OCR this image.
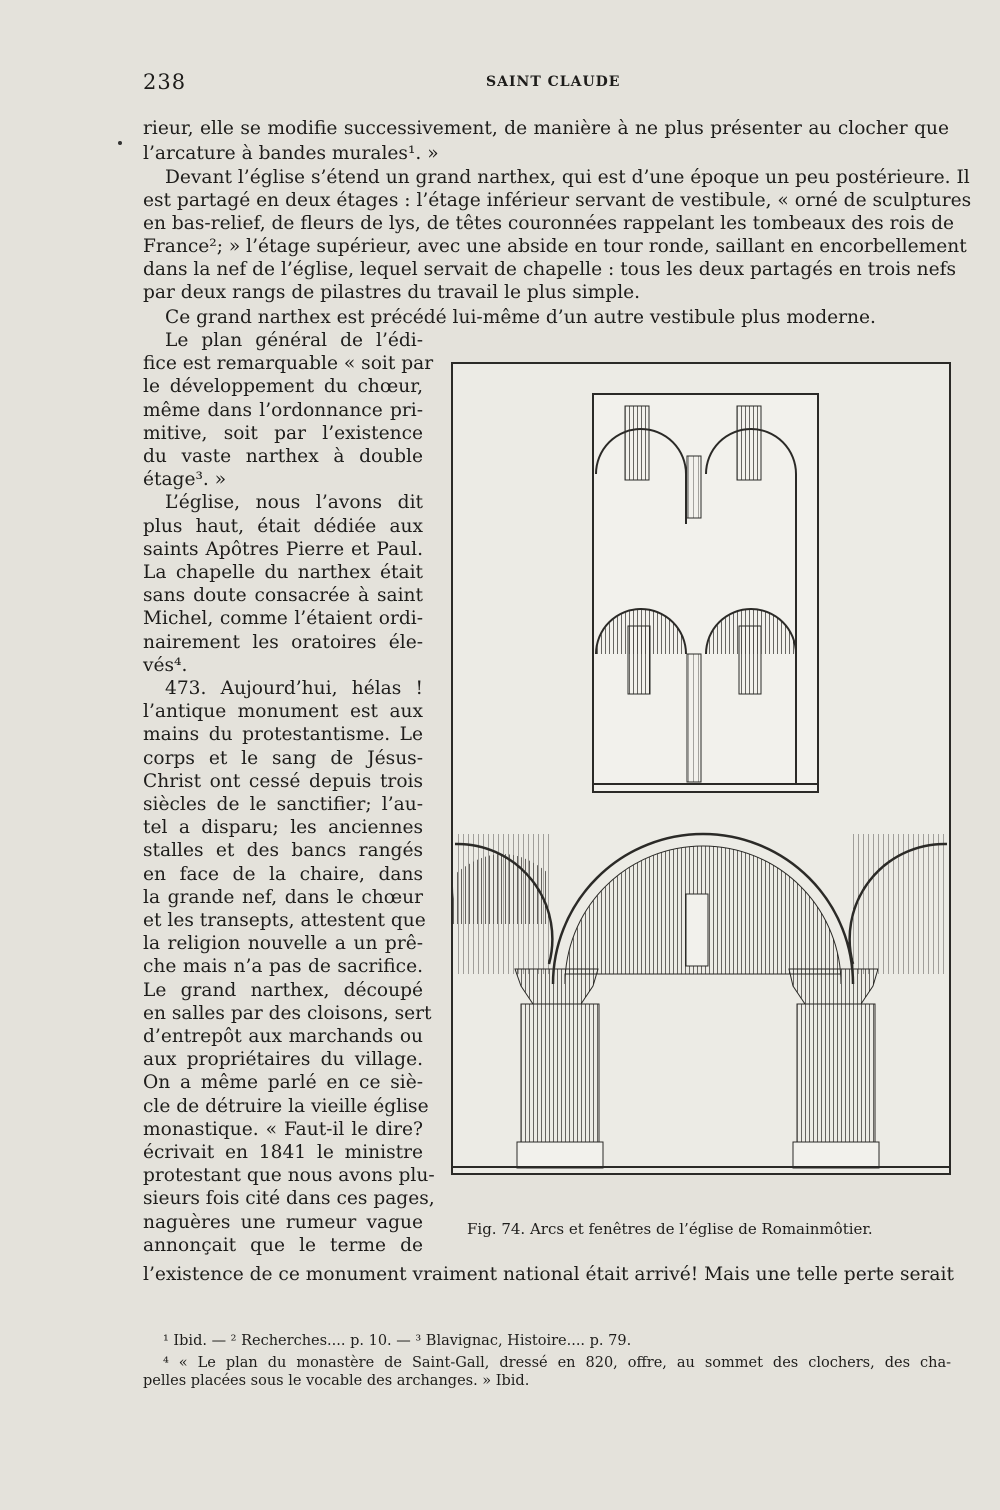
238	SAINT CLAUDE
rieur, elle se modifie successivement, de manière à ne plus présenter au clocher que
l’arcature à bandes murales¹. »
Devant l’église s’étend un grand narthex, qui est d’une époque un peu postérieure. Il
est partagé en deux étages : l’étage inférieur servant de vestibule, « orné de sculptures
en bas-relief, de fleurs de lys, de têtes couronnées rappelant les tombeaux des rois de
France²; » l’étage supérieur, avec une abside en tour ronde, saillant en encorbellement
dans la nef de l’église, lequel servait de chapelle : tous les deux partagés en trois nefs
par deux rangs de pilastres du travail le plus simple.
Ce grand narthex est précédé lui-même d’un autre vestibule plus moderne.
Le plan général de l’édi-
fice est remarquable « soit par
le développement du chœur,
même dans l’ordonnance pri-
mitive, soit par l’existence
du vaste narthex à double
étage³. »
L’église, nous l’avons dit
plus haut, était dédiée aux
saints Apôtres Pierre et Paul.
La chapelle du narthex était
sans doute consacrée à saint
Michel, comme l’étaient ordi-
nairement les oratoires éle-
vés⁴.
473. Aujourd’hui, hélas !
l’antique monument est aux
mains du protestantisme. Le
corps et le sang de Jésus-
Christ ont cessé depuis trois
siècles de le sanctifier; l’au-
tel a disparu; les anciennes
stalles et des bancs rangés
en face de la chaire, dans
la grande nef, dans le chœur
et les transepts, attestent que
la religion nouvelle a un prê-
che mais n’a pas de sacrifice.
Le grand narthex, découpé
en salles par des cloisons, sert
d’entrepôt aux marchands ou
aux propriétaires du village.
On a même parlé en ce siè-
cle de détruire la vieille église
monastique. « Faut-il le dire?
écrivait en 1841 le ministre
protestant que nous avons plu-
sieurs fois cité dans ces pages,
naguères une rumeur vague
annonçait que le terme de
Fig. 74. Arcs et fenêtres de l’église de Romainmôtier.
l’existence de ce monument vraiment national était arrivé! Mais une telle perte serait
¹ Ibid. — ² Recherches.... p. 10. — ³ Blavignac, Histoire.... p. 79.
⁴ « Le plan du monastère de Saint-Gall, dressé en 820, offre, au sommet des clochers, des cha-
pelles placées sous le vocable des archanges. » Ibid.
